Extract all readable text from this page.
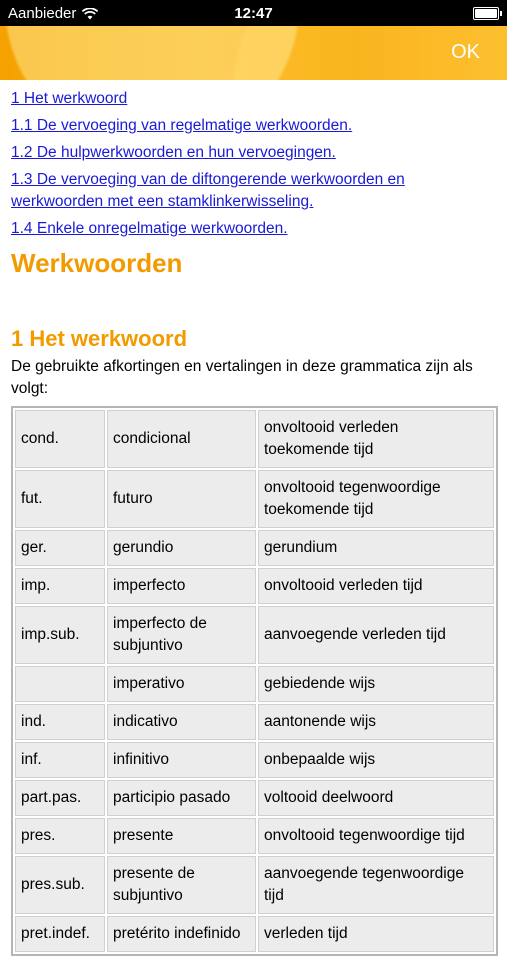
Aanbieder	12:47
OK
1 Het werkwoord
1.1 De vervoeging van regelmatige werkwoorden.
1.2 De hulpwerkwoorden en hun vervoegingen.
1.3 De vervoeging van de diftongerende werkwoorden en werkwoorden met een stamklinkerwisseling.
1.4 Enkele onregelmatige werkwoorden.
Werkwoorden
1 Het werkwoord

De gebruikte afkortingen en vertalingen in deze grammatica zijn als volgt:

cond.	condicional	onvoltooid verleden toekomende tijd
fut.	futuro	onvoltooid tegenwoordige toekomende tijd
ger.	gerundio	gerundium
imp.	imperfecto	onvoltooid verleden tijd
imp.sub.	imperfecto de subjuntivo	aanvoegende verleden tijd
	imperativo	gebiedende wijs
ind.	indicativo	aantonende wijs
inf.	infinitivo	onbepaalde wijs
part.pas.	participio pasado	voltooid deelwoord
pres.	presente	onvoltooid tegenwoordige tijd
pres.sub.	presente de subjuntivo	aanvoegende tegenwoordige tijd
pret.indef.	pretérito indefinido	verleden tijd
